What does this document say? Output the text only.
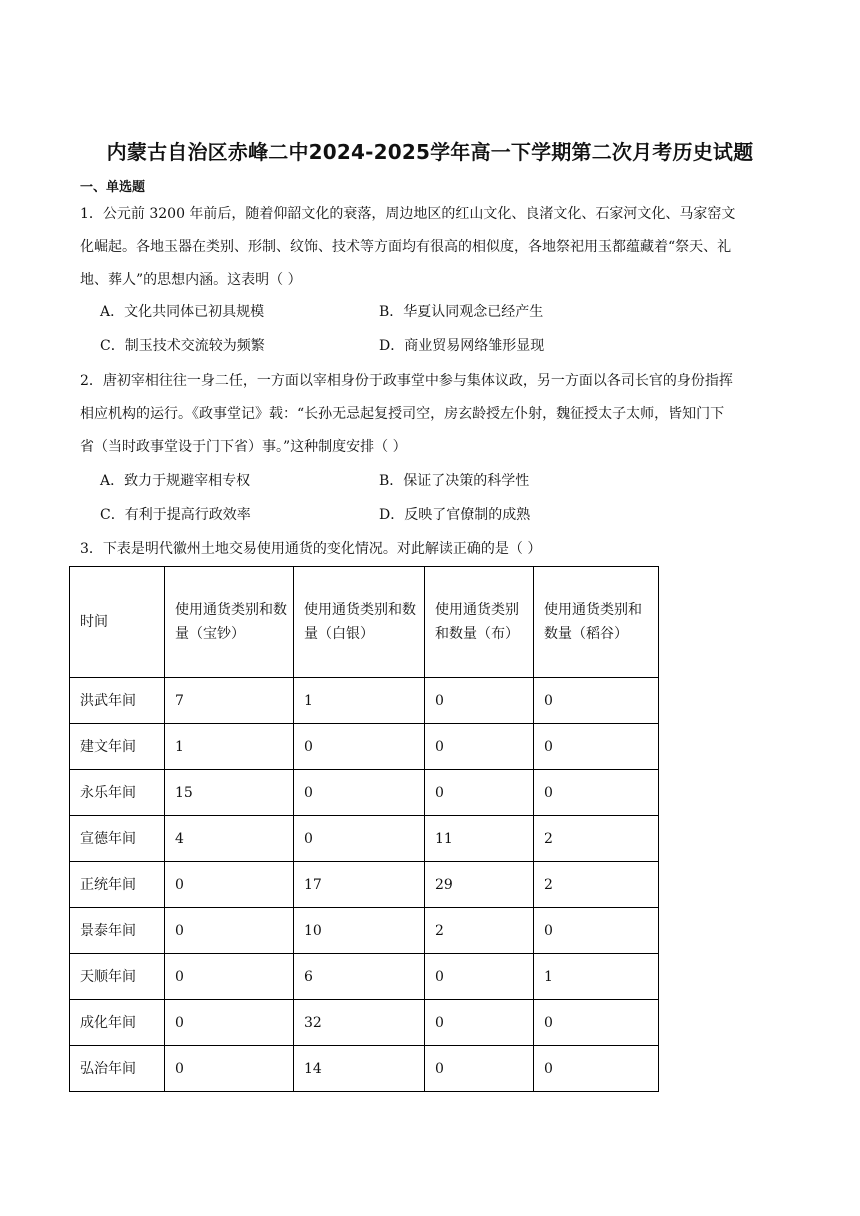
内蒙古自治区赤峰二中2024-2025学年高一下学期第二次月考历史试题
一、单选题
1．公元前 3200 年前后，随着仰韶文化的衰落，周边地区的红山文化、良渚文化、石家河文化、马家窑文
化崛起。各地玉器在类别、形制、纹饰、技术等方面均有很高的相似度，各地祭祀用玉都蕴藏着“祭天、礼
地、葬人”的思想内涵。这表明（ ）
A．文化共同体已初具规模	B．华夏认同观念已经产生
C．制玉技术交流较为频繁	D．商业贸易网络雏形显现
2．唐初宰相往往一身二任，一方面以宰相身份于政事堂中参与集体议政，另一方面以各司长官的身份指挥
相应机构的运行。《政事堂记》载：“长孙无忌起复授司空，房玄龄授左仆射，魏征授太子太师，皆知门下
省（当时政事堂设于门下省）事。”这种制度安排（ ）
A．致力于规避宰相专权	B．保证了决策的科学性
C．有利于提高行政效率	D．反映了官僚制的成熟
3．下表是明代徽州土地交易使用通货的变化情况。对此解读正确的是（ ）
时间	使用通货类别和数量（宝钞）	使用通货类别和数量（白银）	使用通货类别和数量（布）	使用通货类别和数量（稻谷）
洪武年间	7	1	0	0
建文年间	1	0	0	0
永乐年间	15	0	0	0
宣德年间	4	0	11	2
正统年间	0	17	29	2
景泰年间	0	10	2	0
天顺年间	0	6	0	1
成化年间	0	32	0	0
弘治年间	0	14	0	0
